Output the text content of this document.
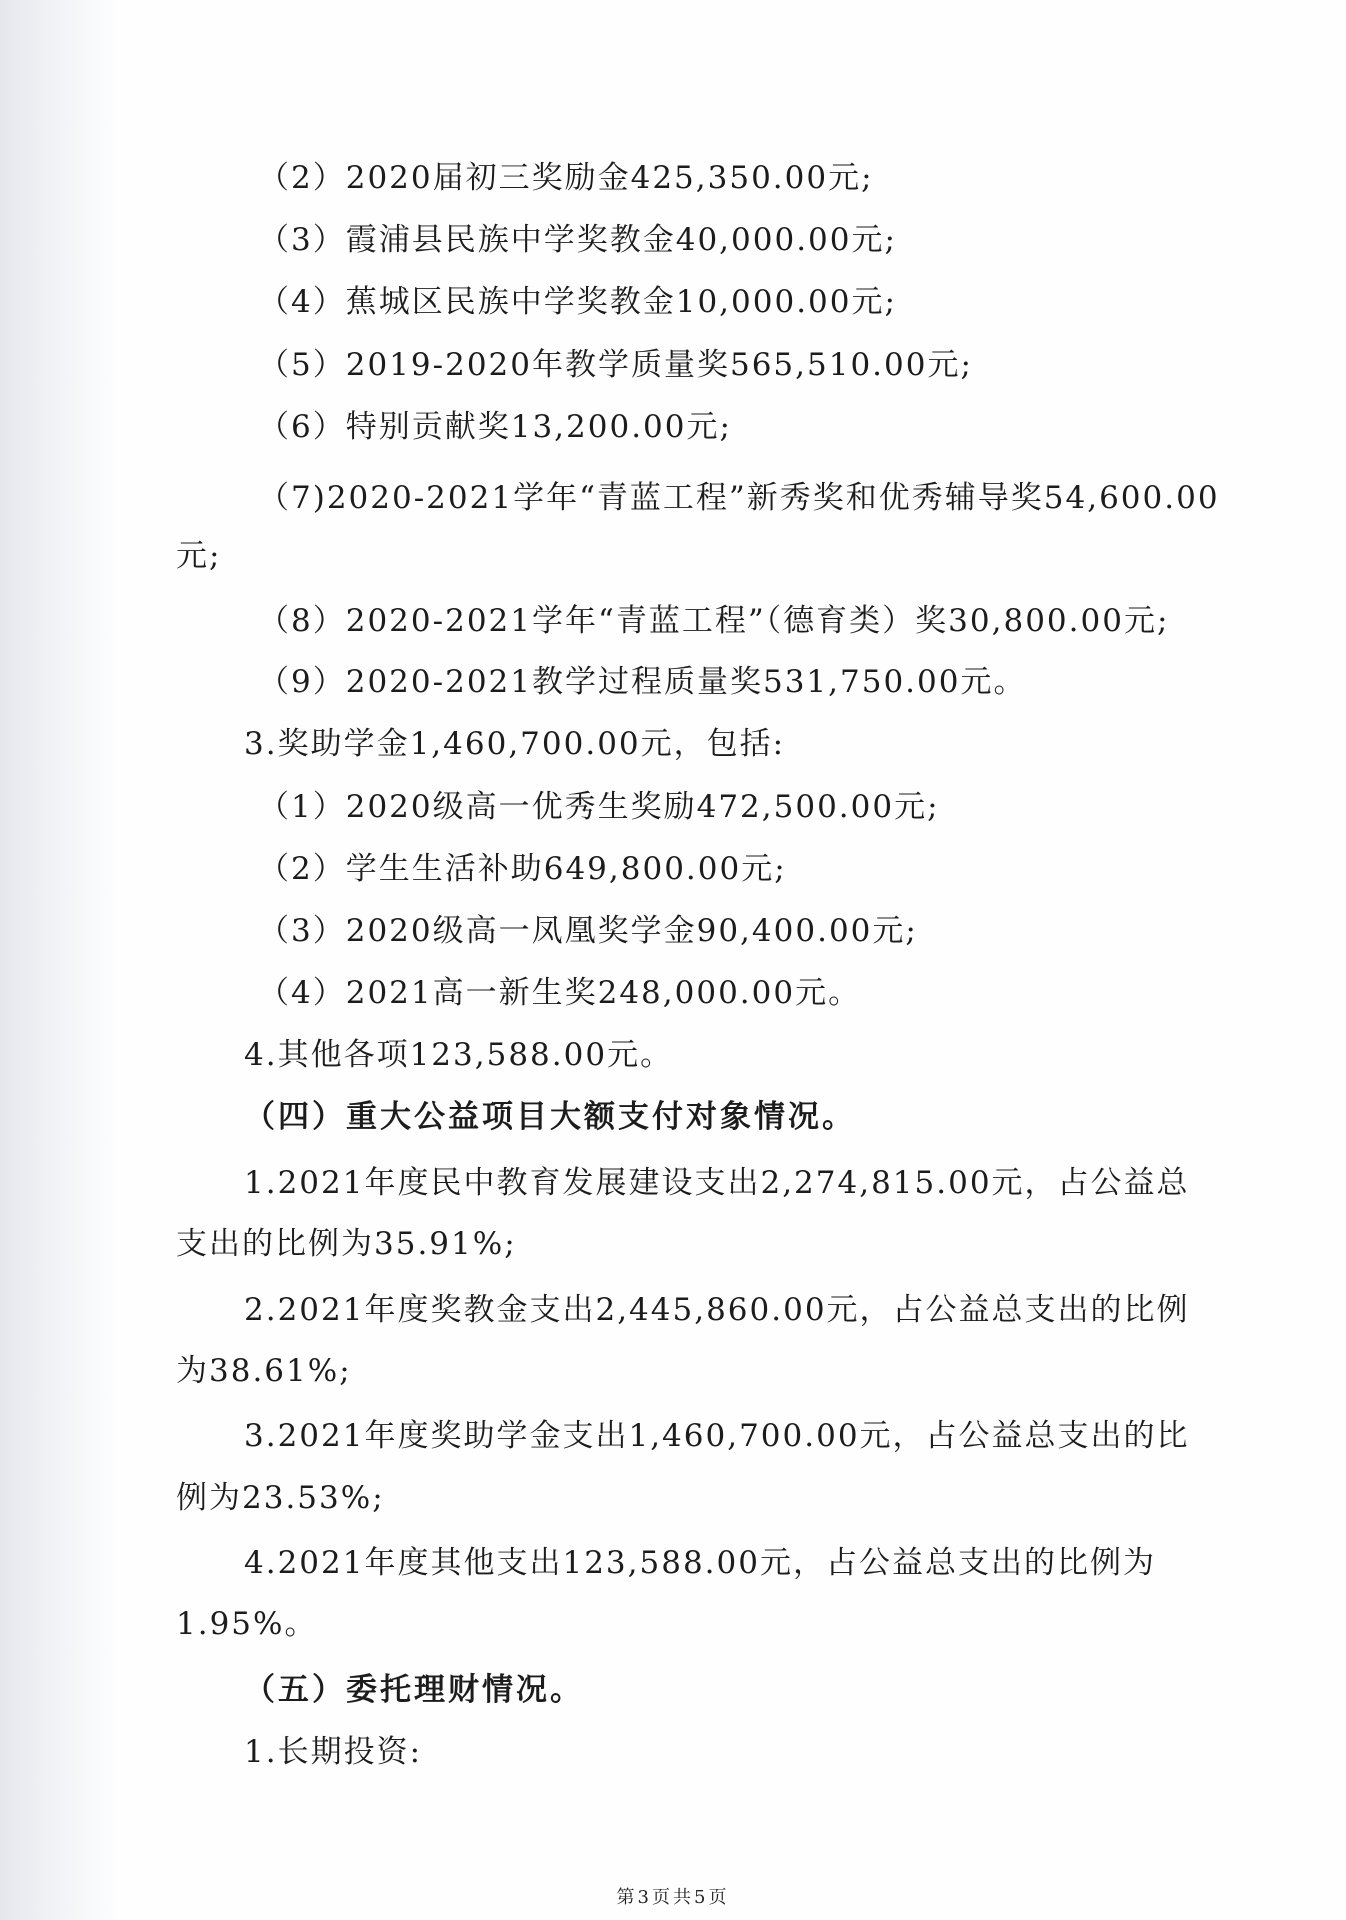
（2）2020届初三奖励金425,350.00元;
（3）霞浦县民族中学奖教金40,000.00元;
（4）蕉城区民族中学奖教金10,000.00元;
（5）2019-2020年教学质量奖565,510.00元;
（6）特别贡献奖13,200.00元;
（7)2020-2021学年“青蓝工程”新秀奖和优秀辅导奖54,600.00
元;
（8）2020-2021学年“青蓝工程”（德育类）奖30,800.00元;
（9）2020-2021教学过程质量奖531,750.00元。
3.奖助学金1,460,700.00元，包括:
（1）2020级高一优秀生奖励472,500.00元;
（2）学生生活补助649,800.00元;
（3）2020级高一凤凰奖学金90,400.00元;
（4）2021高一新生奖248,000.00元。
4.其他各项123,588.00元。
（四）重大公益项目大额支付对象情况。
1.2021年度民中教育发展建设支出2,274,815.00元，占公益总
支出的比例为35.91%;
2.2021年度奖教金支出2,445,860.00元，占公益总支出的比例
为38.61%;
3.2021年度奖助学金支出1,460,700.00元，占公益总支出的比
例为23.53%;
4.2021年度其他支出123,588.00元，占公益总支出的比例为
1.95%。
（五）委托理财情况。
1.长期投资:
第3页共5页
